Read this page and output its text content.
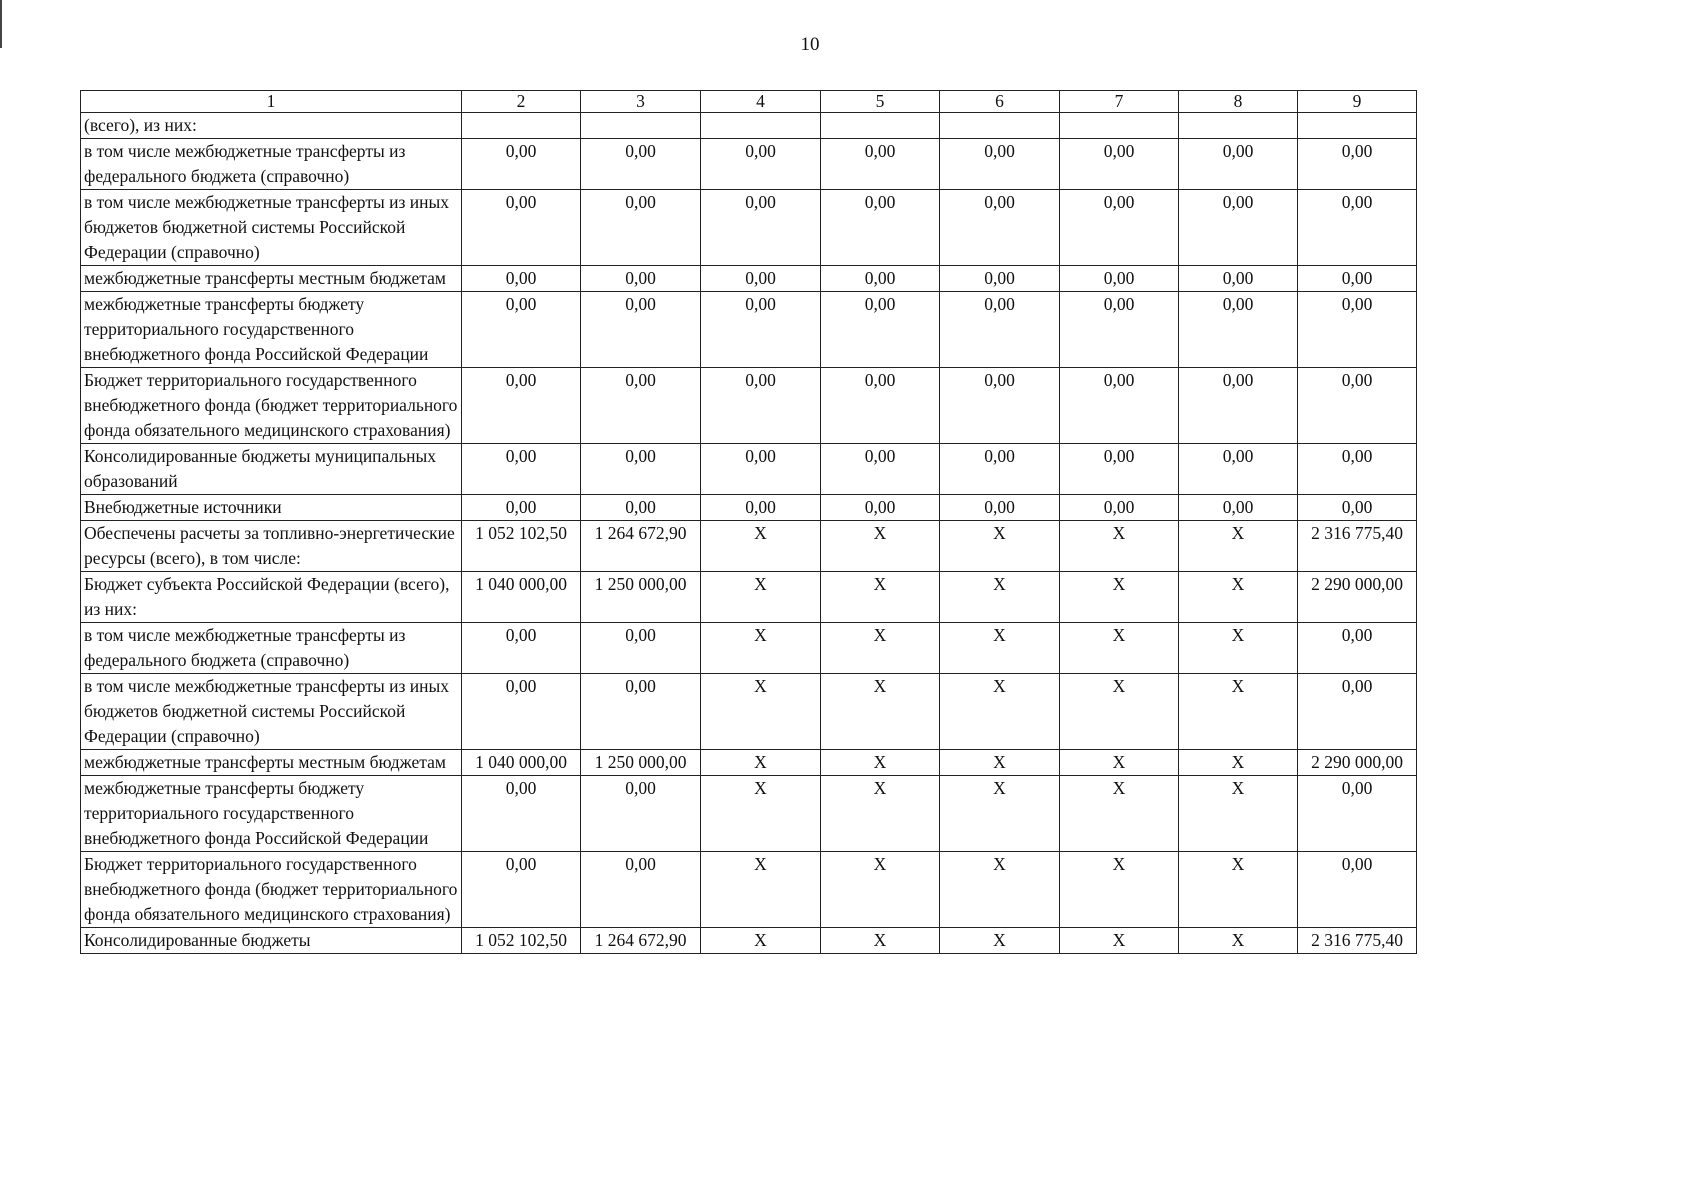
10
1	2	3	4	5	6	7	8	9
(всего), из них:								
в том числе межбюджетные трансферты из федерального бюджета (справочно)	0,00	0,00	0,00	0,00	0,00	0,00	0,00	0,00
в том числе межбюджетные трансферты из иных бюджетов бюджетной системы Российской Федерации (справочно)	0,00	0,00	0,00	0,00	0,00	0,00	0,00	0,00
межбюджетные трансферты местным бюджетам	0,00	0,00	0,00	0,00	0,00	0,00	0,00	0,00
межбюджетные трансферты бюджету территориального государственного внебюджетного фонда Российской Федерации	0,00	0,00	0,00	0,00	0,00	0,00	0,00	0,00
Бюджет территориального государственного внебюджетного фонда (бюджет территориального фонда обязательного медицинского страхования)	0,00	0,00	0,00	0,00	0,00	0,00	0,00	0,00
Консолидированные бюджеты муниципальных образований	0,00	0,00	0,00	0,00	0,00	0,00	0,00	0,00
Внебюджетные источники	0,00	0,00	0,00	0,00	0,00	0,00	0,00	0,00
Обеспечены расчеты за топливно-энергетические ресурсы (всего), в том числе:	1 052 102,50	1 264 672,90	X	X	X	X	X	2 316 775,40
Бюджет субъекта Российской Федерации (всего), из них:	1 040 000,00	1 250 000,00	X	X	X	X	X	2 290 000,00
в том числе межбюджетные трансферты из федерального бюджета (справочно)	0,00	0,00	X	X	X	X	X	0,00
в том числе межбюджетные трансферты из иных бюджетов бюджетной системы Российской Федерации (справочно)	0,00	0,00	X	X	X	X	X	0,00
межбюджетные трансферты местным бюджетам	1 040 000,00	1 250 000,00	X	X	X	X	X	2 290 000,00
межбюджетные трансферты бюджету территориального государственного внебюджетного фонда Российской Федерации	0,00	0,00	X	X	X	X	X	0,00
Бюджет территориального государственного внебюджетного фонда (бюджет территориального фонда обязательного медицинского страхования)	0,00	0,00	X	X	X	X	X	0,00
Консолидированные бюджеты	1 052 102,50	1 264 672,90	X	X	X	X	X	2 316 775,40
